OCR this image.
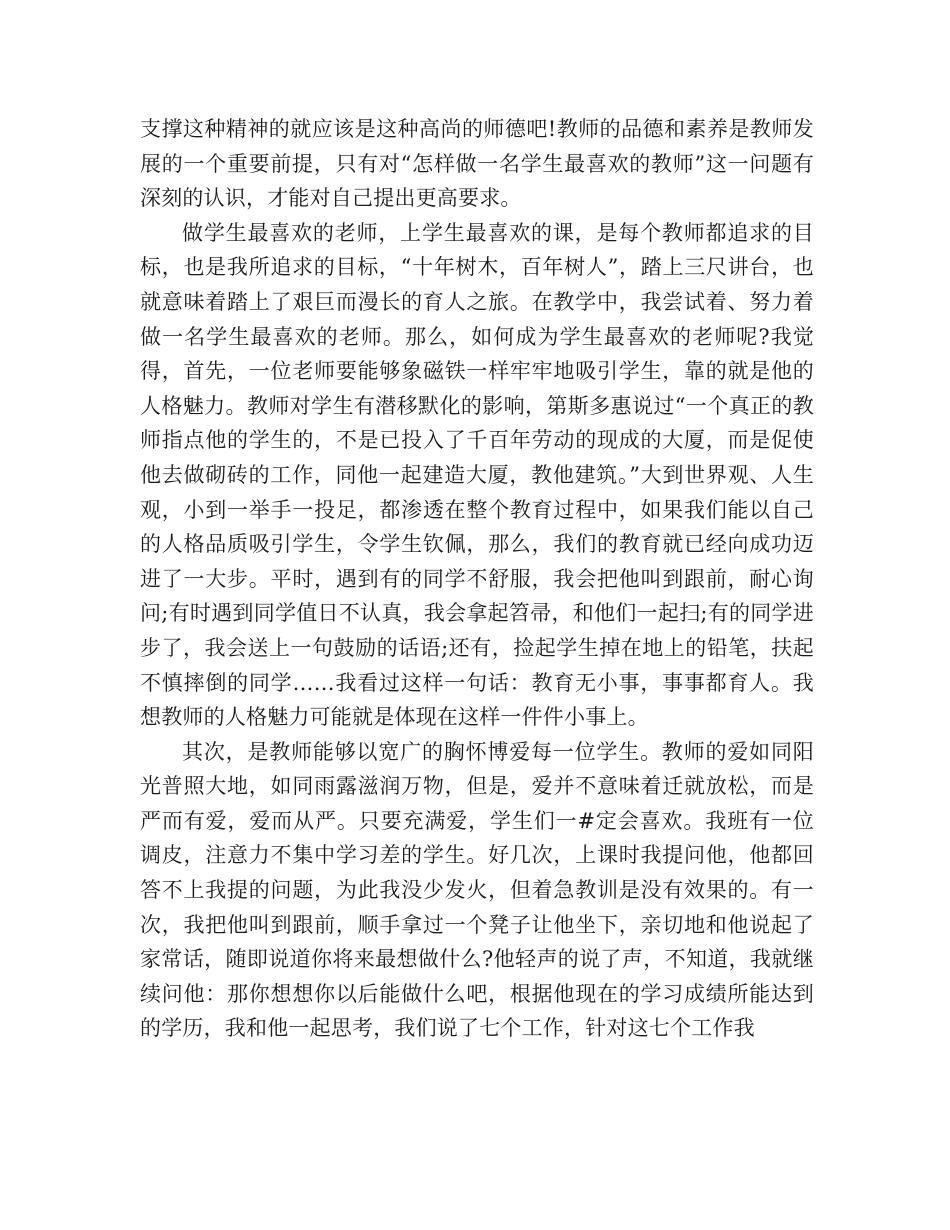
支撑这种精神的就应该是这种高尚的师德吧!教师的品德和素养是教师发展的一个重要前提，只有对“怎样做一名学生最喜欢的教师”这一问题有深刻的认识，才能对自己提出更高要求。

做学生最喜欢的老师，上学生最喜欢的课，是每个教师都追求的目标，也是我所追求的目标，“十年树木，百年树人”，踏上三尺讲台，也就意味着踏上了艰巨而漫长的育人之旅。在教学中，我尝试着、努力着做一名学生最喜欢的老师。那么，如何成为学生最喜欢的老师呢?我觉得，首先，一位老师要能够象磁铁一样牢牢地吸引学生，靠的就是他的人格魅力。教师对学生有潜移默化的影响，第斯多惠说过“一个真正的教师指点他的学生的，不是已投入了千百年劳动的现成的大厦，而是促使他去做砌砖的工作，同他一起建造大厦，教他建筑。”大到世界观、人生观，小到一举手一投足，都渗透在整个教育过程中，如果我们能以自己的人格品质吸引学生，令学生钦佩，那么，我们的教育就已经向成功迈进了一大步。平时，遇到有的同学不舒服，我会把他叫到跟前，耐心询问;有时遇到同学值日不认真，我会拿起笤帚，和他们一起扫;有的同学进步了，我会送上一句鼓励的话语;还有，捡起学生掉在地上的铅笔，扶起不慎摔倒的同学……我看过这样一句话：教育无小事，事事都育人。我想教师的人格魅力可能就是体现在这样一件件小事上。

其次，是教师能够以宽广的胸怀博爱每一位学生。教师的爱如同阳光普照大地，如同雨露滋润万物，但是，爱并不意味着迁就放松，而是严而有爱，爱而从严。只要充满爱，学生们一#定会喜欢。我班有一位调皮，注意力不集中学习差的学生。好几次，上课时我提问他，他都回答不上我提的问题，为此我没少发火，但着急教训是没有效果的。有一次，我把他叫到跟前，顺手拿过一个凳子让他坐下，亲切地和他说起了家常话，随即说道你将来最想做什么?他轻声的说了声，不知道，我就继续问他：那你想想你以后能做什么吧，根据他现在的学习成绩所能达到的学历，我和他一起思考，我们说了七个工作，针对这七个工作我
